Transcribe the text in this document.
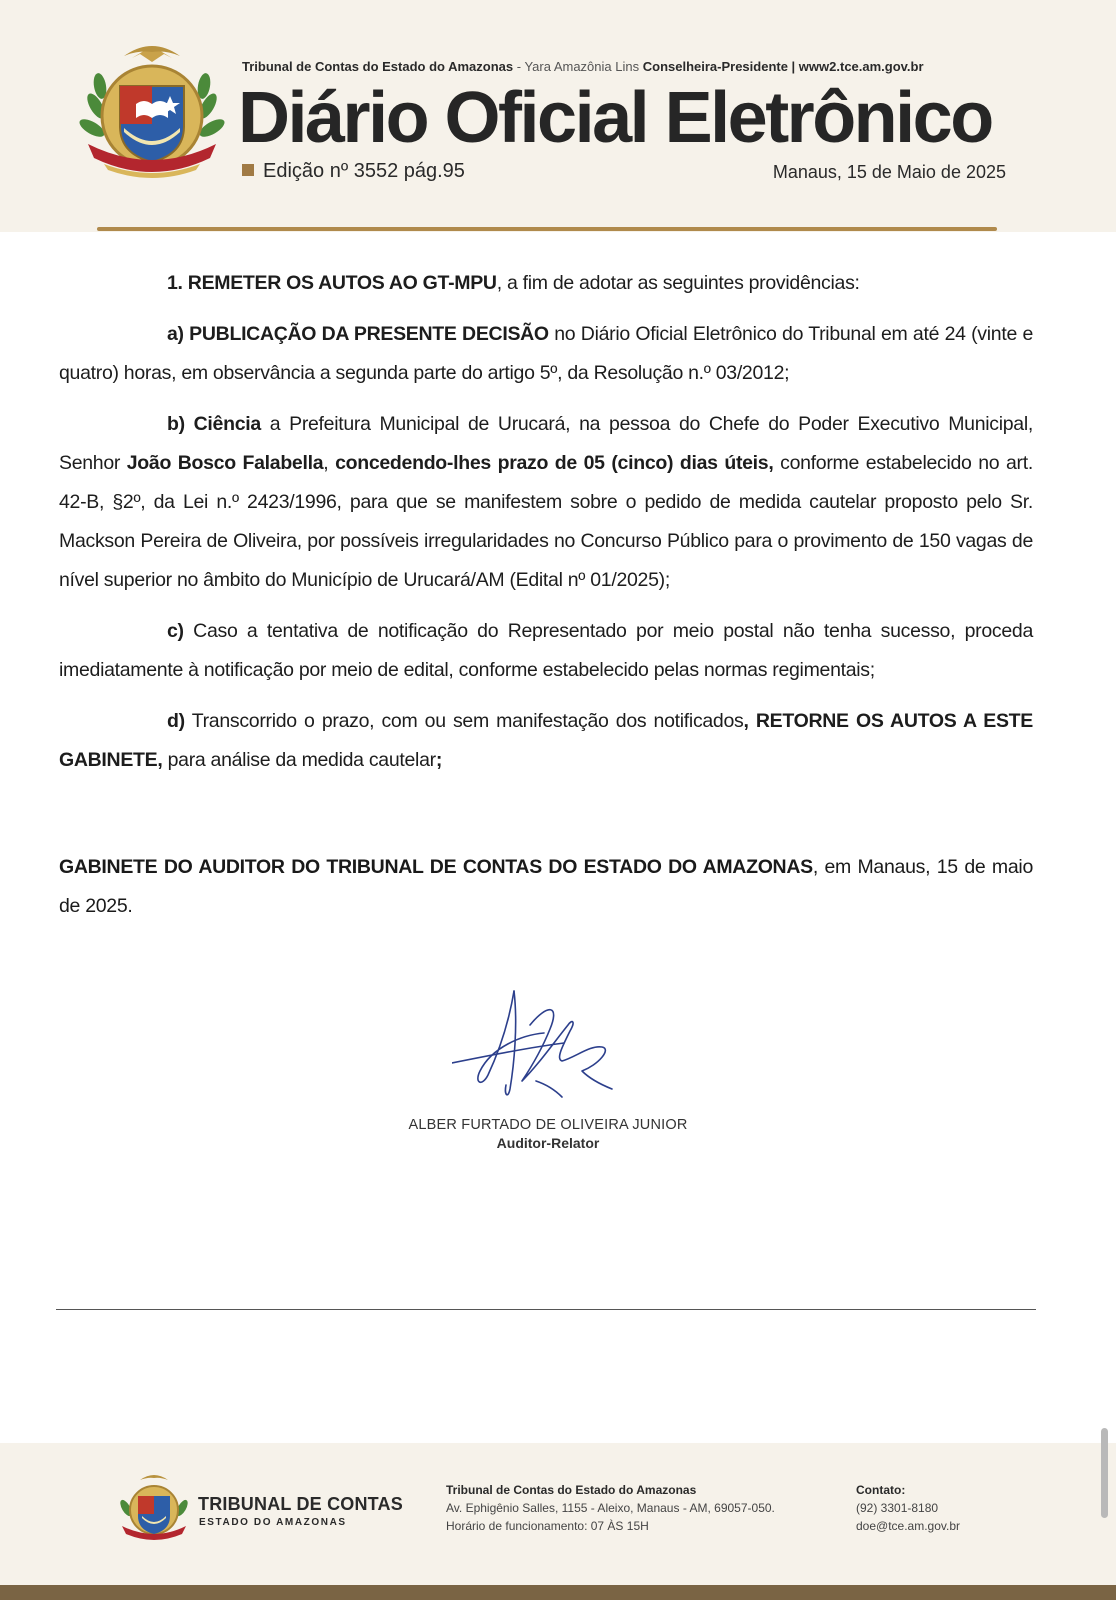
Tribunal de Contas do Estado do Amazonas - Yara Amazônia Lins Conselheira-Presidente | www2.tce.am.gov.br
Diário Oficial Eletrônico
Edição nº 3552 pág.95	Manaus, 15 de Maio de 2025

1. REMETER OS AUTOS AO GT-MPU, a fim de adotar as seguintes providências:

a) PUBLICAÇÃO DA PRESENTE DECISÃO no Diário Oficial Eletrônico do Tribunal em até 24 (vinte e quatro) horas, em observância a segunda parte do artigo 5º, da Resolução n.º 03/2012;

b) Ciência a Prefeitura Municipal de Urucará, na pessoa do Chefe do Poder Executivo Municipal, Senhor João Bosco Falabella, concedendo-lhes prazo de 05 (cinco) dias úteis, conforme estabelecido no art. 42-B, §2º, da Lei n.º 2423/1996, para que se manifestem sobre o pedido de medida cautelar proposto pelo Sr. Mackson Pereira de Oliveira, por possíveis irregularidades no Concurso Público para o provimento de 150 vagas de nível superior no âmbito do Município de Urucará/AM (Edital nº 01/2025);

c) Caso a tentativa de notificação do Representado por meio postal não tenha sucesso, proceda imediatamente à notificação por meio de edital, conforme estabelecido pelas normas regimentais;

d) Transcorrido o prazo, com ou sem manifestação dos notificados, RETORNE OS AUTOS A ESTE GABINETE, para análise da medida cautelar;

GABINETE DO AUDITOR DO TRIBUNAL DE CONTAS DO ESTADO DO AMAZONAS, em Manaus, 15 de maio de 2025.
ALBER FURTADO DE OLIVEIRA JUNIOR
Auditor-Relator
TRIBUNAL DE CONTAS
ESTADO DO AMAZONAS
Tribunal de Contas do Estado do Amazonas
Av. Ephigênio Salles, 1155 - Aleixo, Manaus - AM, 69057-050.
Horário de funcionamento: 07 ÀS 15H
Contato:
(92) 3301-8180
doe@tce.am.gov.br
